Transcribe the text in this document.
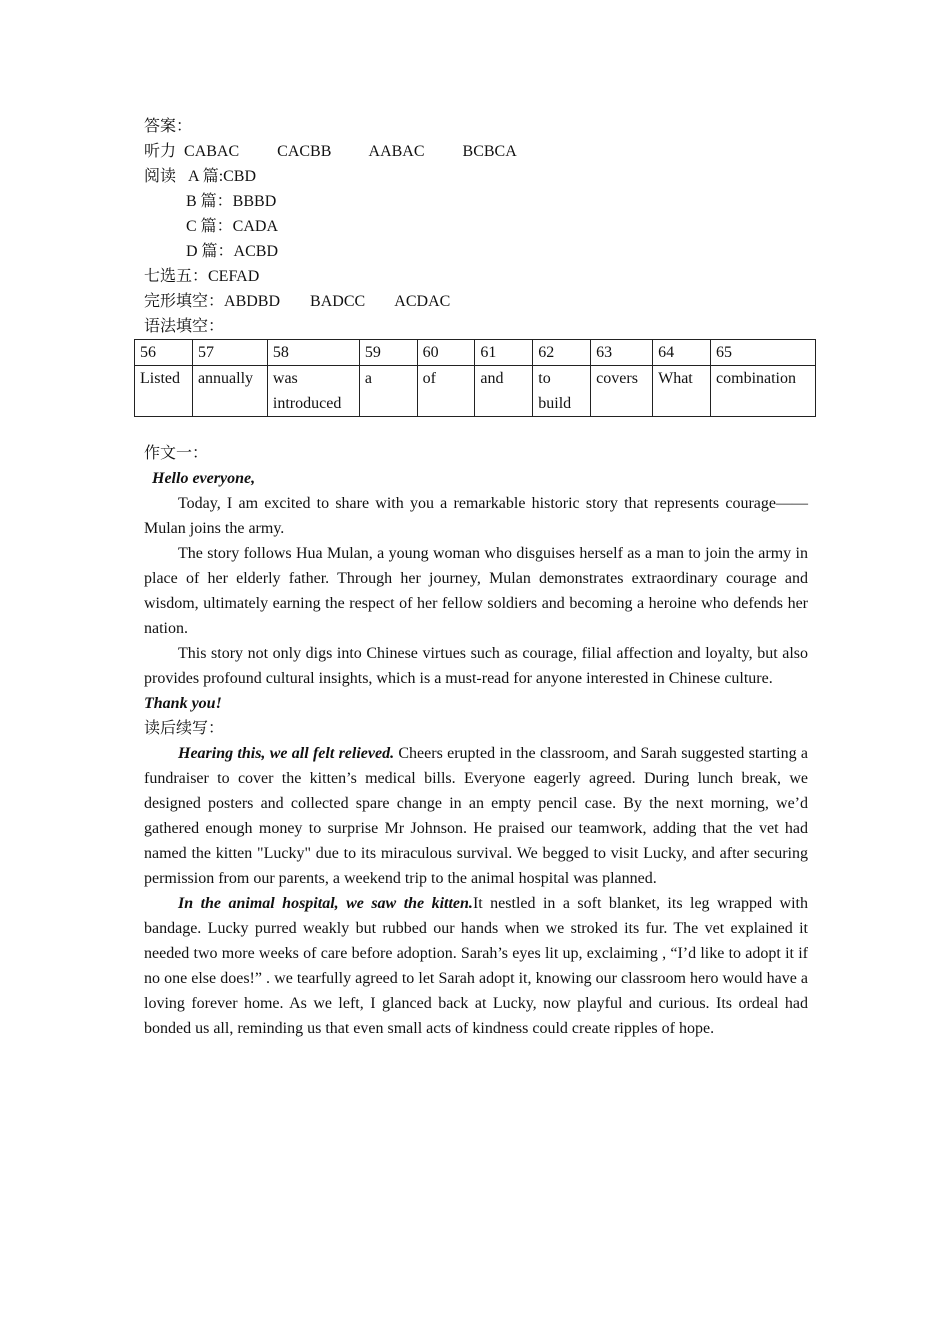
答案：
听力 CABAC CACBB AABAC BCBCA
阅读 A 篇:CBD
B 篇：BBBD
C 篇：CADA
D 篇：ACBD
七选五：CEFAD
完形填空：ABDBD BADCC ACDAC
语法填空：
56	57	58	59	60	61	62	63	64	65
Listed	annually	was introduced	a	of	and	to build	covers	What	combination
作文一：
Hello everyone,

Today, I am excited to share with you a remarkable historic story that represents courage——　Mulan joins the army.

The story follows Hua Mulan, a young woman who disguises herself as a man to join the army in place of her elderly father. Through her journey, Mulan demonstrates extraordinary courage and wisdom, ultimately earning the respect of her fellow soldiers and becoming a heroine who defends her nation.

This story not only digs into Chinese virtues such as courage, filial affection and loyalty, but also provides profound cultural insights, which is a must-read for anyone interested in Chinese culture.

Thank you!
读后续写：

Hearing this, we all felt relieved. Cheers erupted in the classroom, and Sarah suggested starting a fundraiser to cover the kitten’s medical bills. Everyone eagerly agreed. During lunch break, we designed posters and collected spare change in an empty pencil case. By the next morning, we’d gathered enough money to surprise Mr Johnson. He praised our teamwork, adding that the vet had named the kitten "Lucky" due to its miraculous survival. We begged to visit Lucky, and after securing permission from our parents, a weekend trip to the animal hospital was planned.

In the animal hospital, we saw the kitten.It nestled in a soft blanket, its leg wrapped with bandage. Lucky purred weakly but rubbed our hands when we stroked its fur. The vet explained it needed two more weeks of care before adoption. Sarah’s eyes lit up, exclaiming , “I’d like to adopt it if no one else does!” . we tearfully agreed to let Sarah adopt it, knowing our classroom hero would have a loving forever home. As we left, I glanced back at Lucky, now playful and curious. Its ordeal had bonded us all, reminding us that even small acts of kindness could create ripples of hope.
